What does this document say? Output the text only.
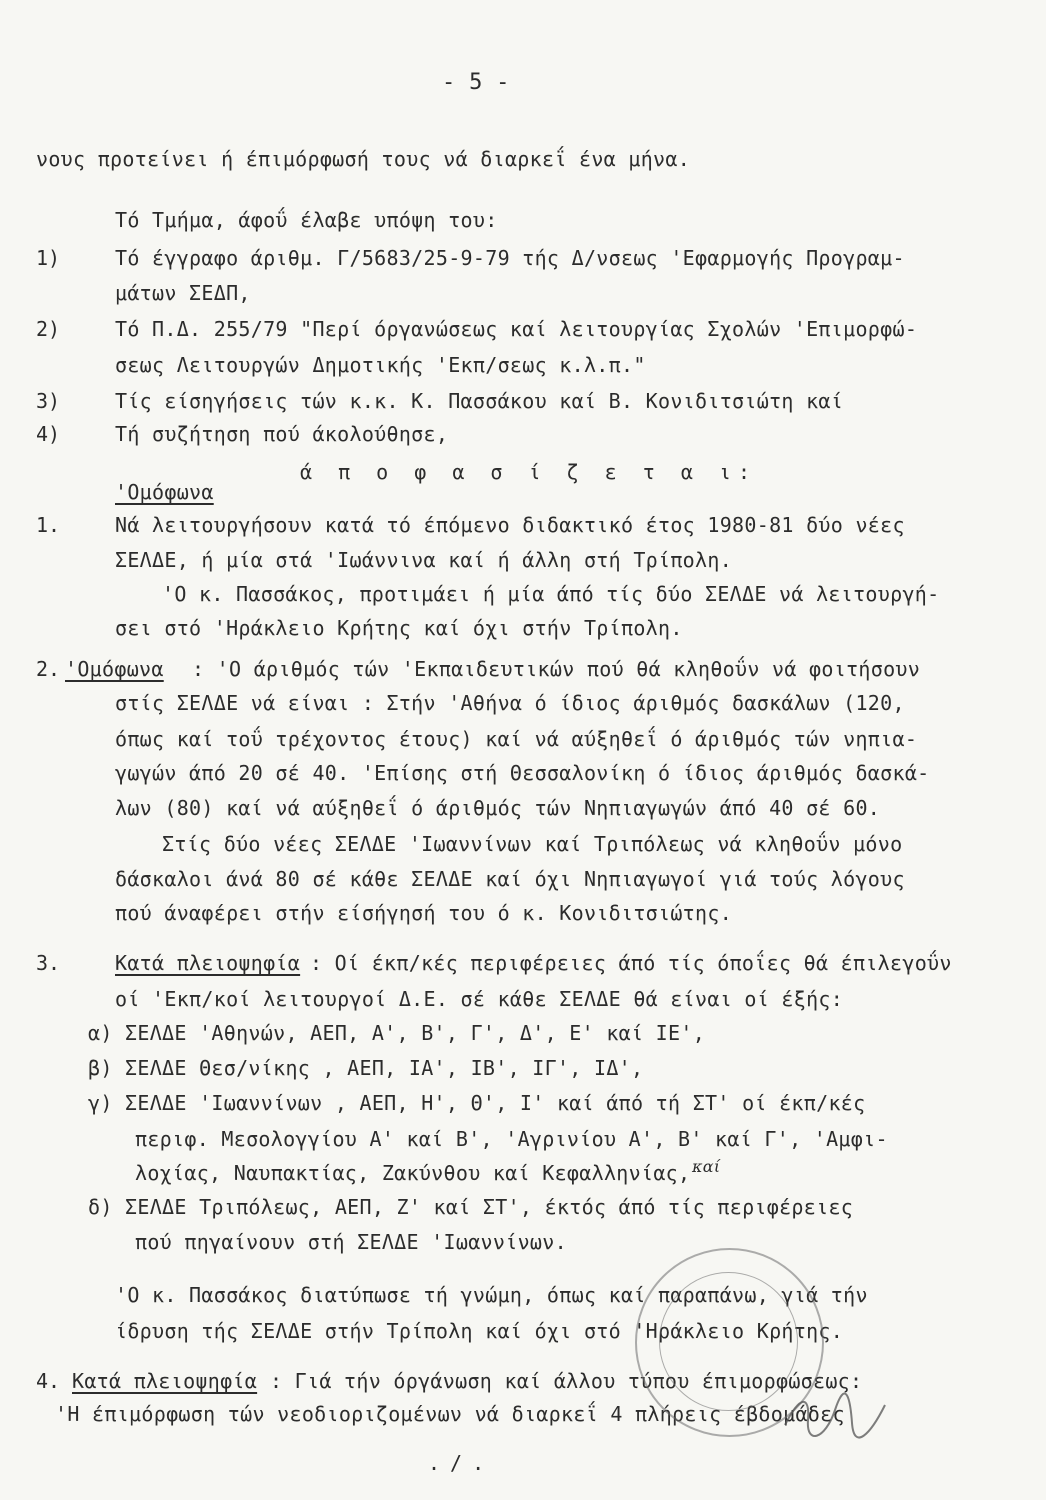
- 5 -
νους προτείνει ή έπιμόρφωσή τους νά διαρκεΐ ένα μήνα.
Τό Τμήμα, άφοΰ έλαβε υπόψη του:
1)	Τό έγγραφο άριθμ. Γ/5683/25-9-79 τής Δ/νσεως 'Εφαρμογής Προγραμ-
μάτων ΣΕΔΠ,
2)	Τό Π.Δ. 255/79 "Περί όργανώσεως καί λειτουργίας Σχολών 'Επιμορφώ-
σεως Λειτουργών Δημοτικής 'Εκπ/σεως κ.λ.π."
3)	Τίς είσηγήσεις τών κ.κ. Κ. Πασσάκου καί Β. Κονιδιτσιώτη καί
4)	Τή συζήτηση πού άκολούθησε,
ά π ο φ α σ ί ζ ε τ α ι:
'Ομόφωνα
1.	Νά λειτουργήσουν κατά τό έπόμενο διδακτικό έτος 1980-81 δύο νέες
ΣΕΛΔΕ, ή μία στά 'Ιωάννινα καί ή άλλη στή Τρίπολη.
'Ο κ. Πασσάκος, προτιμάει ή μία άπό τίς δύο ΣΕΛΔΕ νά λειτουργή-
σει στό 'Ηράκλειο Κρήτης καί όχι στήν Τρίπολη.
2. 'Ομόφωνα : 'Ο άριθμός τών 'Εκπαιδευτικών πού θά κληθοΰν νά φοιτήσουν
στίς ΣΕΛΔΕ νά είναι : Στήν 'Αθήνα ό ίδιος άριθμός δασκάλων (120,
όπως καί τοΰ τρέχοντος έτους) καί νά αύξηθεΐ ό άριθμός τών νηπια-
γωγών άπό 20 σέ 40. 'Επίσης στή Θεσσαλονίκη ό ίδιος άριθμός δασκά-
λων (80) καί νά αύξηθεΐ ό άριθμός τών Νηπιαγωγών άπό 40 σέ 60.
Στίς δύο νέες ΣΕΛΔΕ 'Ιωαννίνων καί Τριπόλεως νά κληθοΰν μόνο
δάσκαλοι άνά 80 σέ κάθε ΣΕΛΔΕ καί όχι Νηπιαγωγοί γιά τούς λόγους
πού άναφέρει στήν είσήγησή του ό κ. Κονιδιτσιώτης.
3.	Κατά πλειοψηφία : Οί έκπ/κές περιφέρειες άπό τίς όποΐες θά έπιλεγοΰν
οί 'Εκπ/κοί λειτουργοί Δ.Ε. σέ κάθε ΣΕΛΔΕ θά είναι οί έξής:
α) ΣΕΛΔΕ 'Αθηνών, ΑΕΠ, Α', Β', Γ', Δ', Ε' καί ΙΕ',
β) ΣΕΛΔΕ Θεσ/νίκης , ΑΕΠ, ΙΑ', ΙΒ', ΙΓ', ΙΔ',
γ) ΣΕΛΔΕ 'Ιωαννίνων , ΑΕΠ, Η', Θ', Ι' καί άπό τή ΣΤ' οί έκπ/κές
περιφ. Μεσολογγίου Α' καί Β', 'Αγρινίου Α', Β' καί Γ', 'Αμφι-
λοχίας, Ναυπακτίας, Ζακύνθου καί Κεφαλληνίας, καί
δ) ΣΕΛΔΕ Τριπόλεως, ΑΕΠ, Ζ' καί ΣΤ', έκτός άπό τίς περιφέρειες
πού πηγαίνουν στή ΣΕΛΔΕ 'Ιωαννίνων.
'Ο κ. Πασσάκος διατύπωσε τή γνώμη, όπως καί παραπάνω, γιά τήν
ίδρυση τής ΣΕΛΔΕ στήν Τρίπολη καί όχι στό 'Ηράκλειο Κρήτης.
4. Κατά πλειοψηφία : Γιά τήν όργάνωση καί άλλου τύπου έπιμορφώσεως:
'Η έπιμόρφωση τών νεοδιοριζομένων νά διαρκεΐ 4 πλήρεις έβδομάδες
./.
